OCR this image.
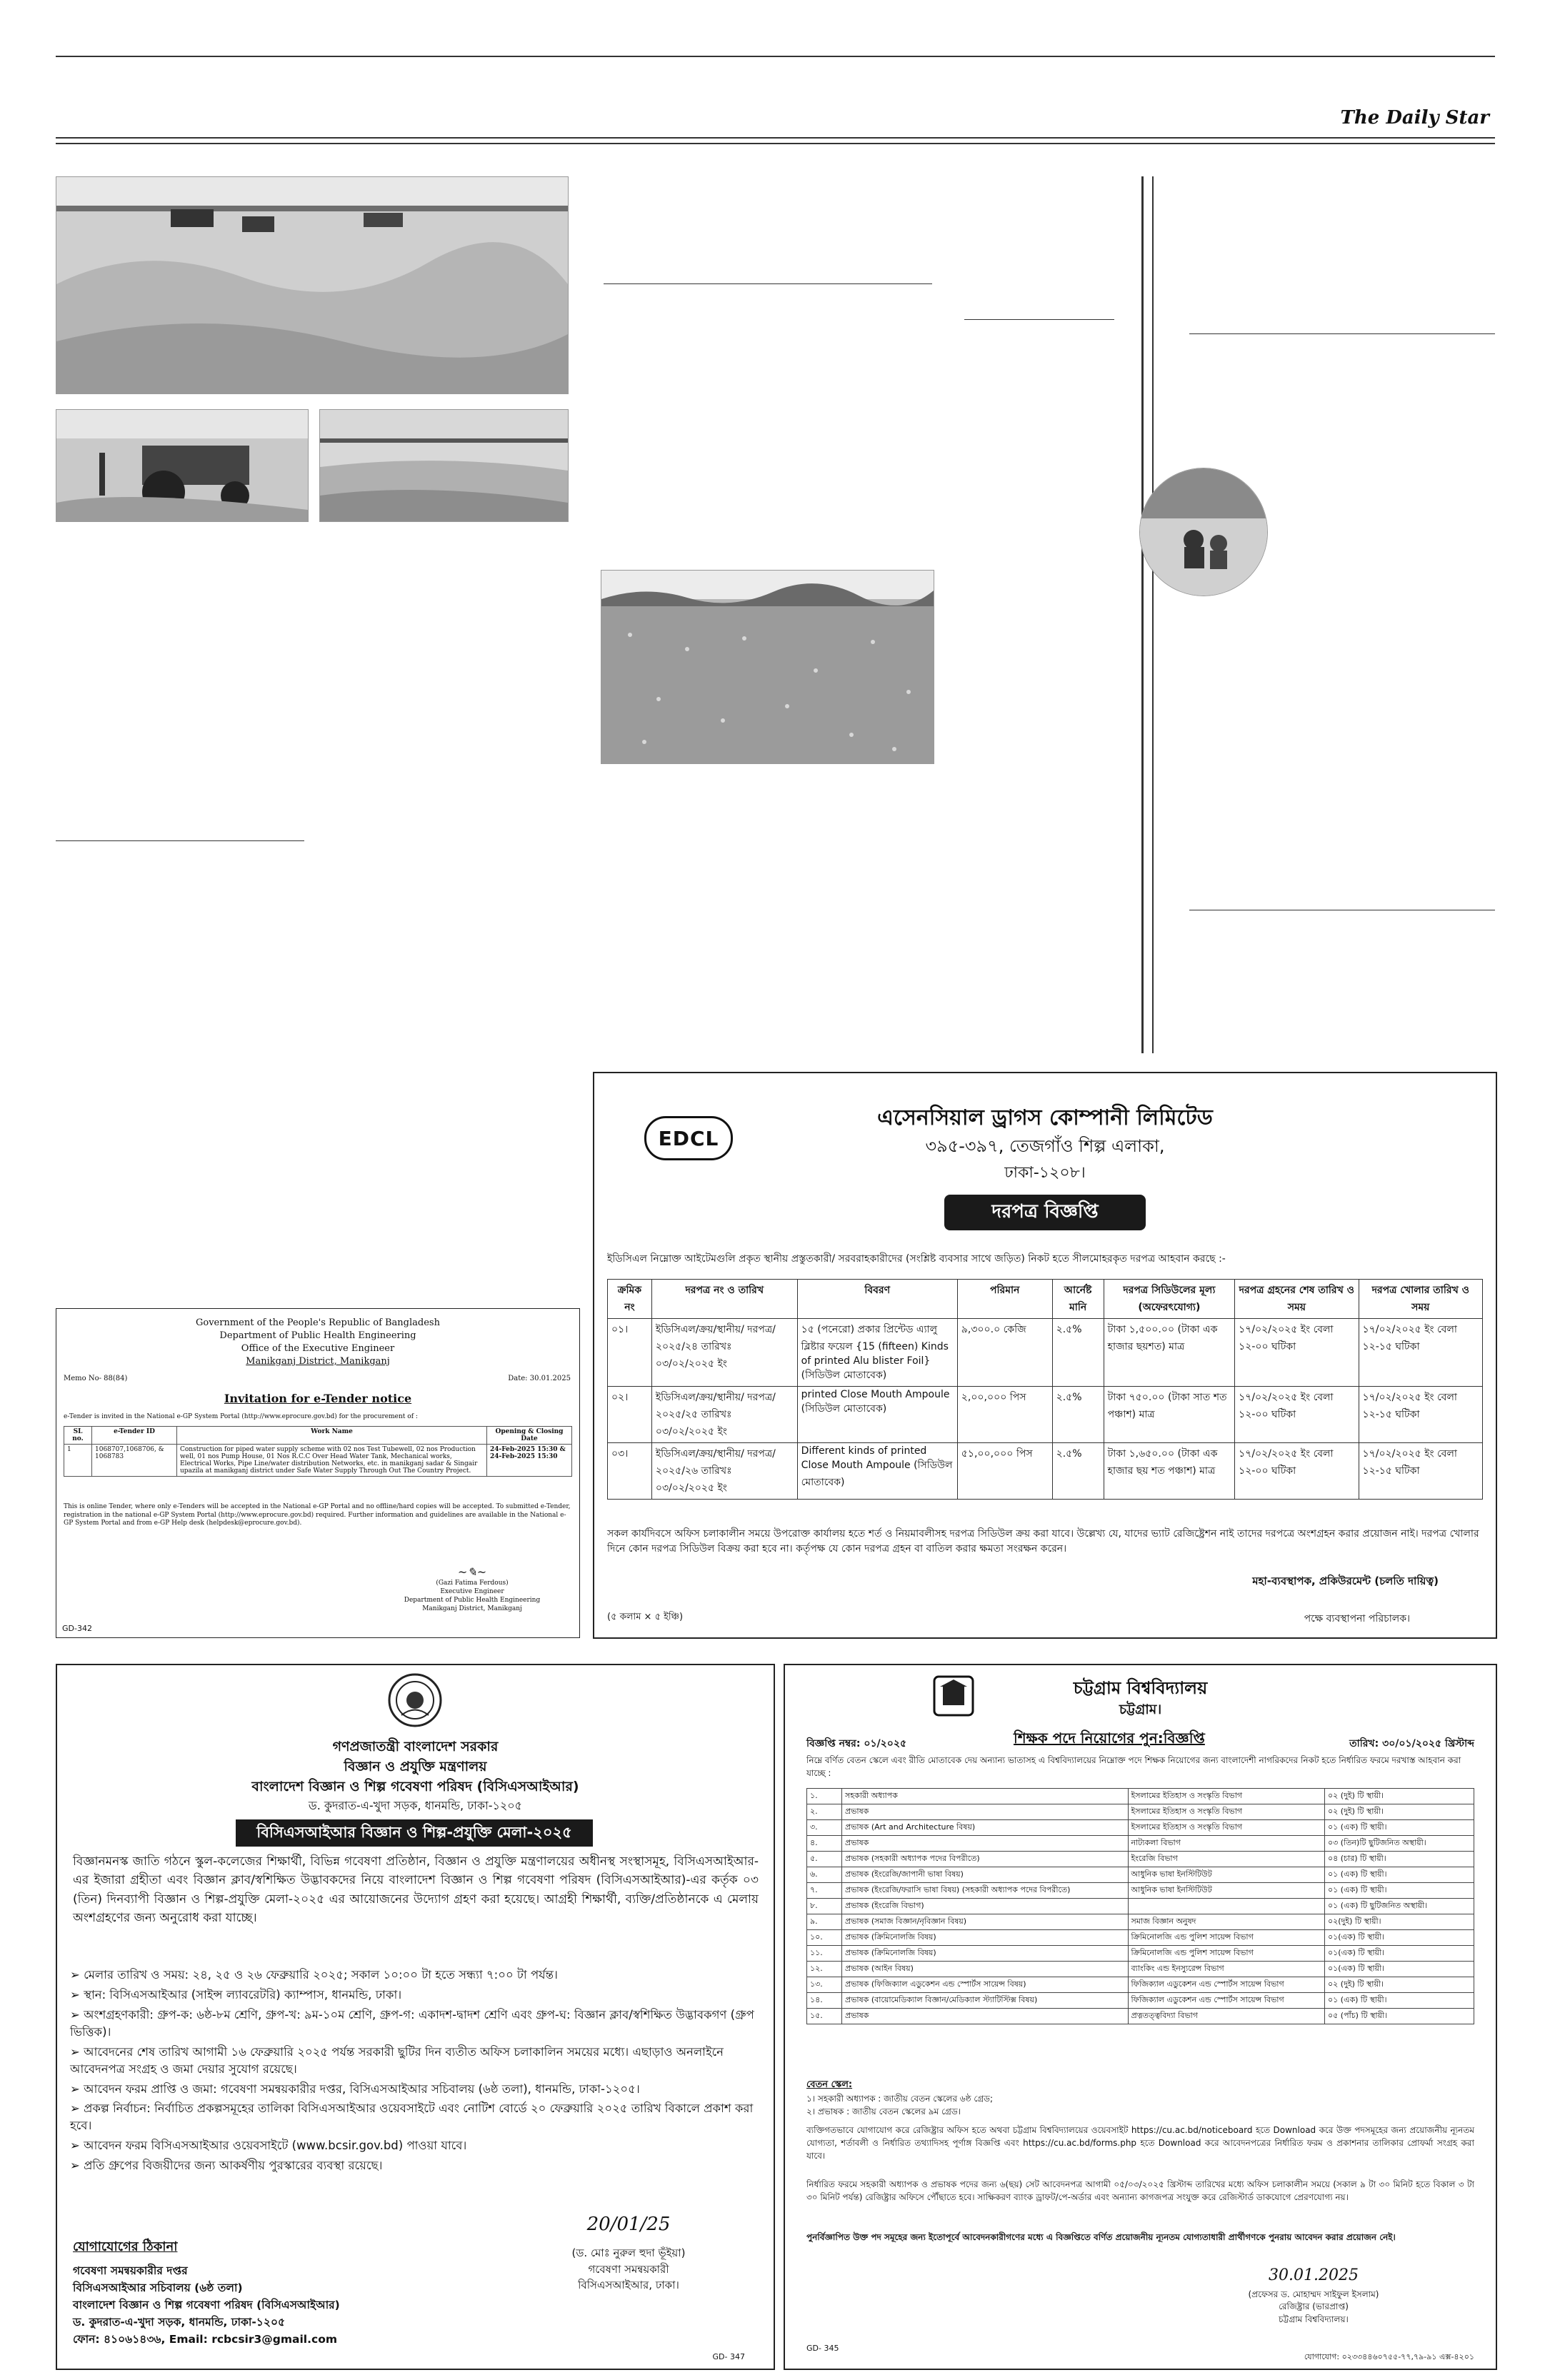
The Daily Star
EDCL
এসেনসিয়াল ড্রাগস কোম্পানী লিমিটেড
৩৯৫-৩৯৭, তেজগাঁও শিল্প এলাকা,
ঢাকা-১২০৮।
দরপত্র বিজ্ঞপ্তি
ইডিসিএল নিম্নোক্ত আইটেমগুলি প্রকৃত স্থানীয় প্রস্তুতকারী/ সরবরাহকারীদের (সংশ্লিষ্ট ব্যবসার সাথে জড়িত) নিকট হতে সীলমোহরকৃত দরপত্র আহবান করছে :-
ক্রমিক নং	দরপত্র নং ও তারিখ	বিবরণ	পরিমান	আর্নেষ্ট মানি	দরপত্র সিডিউলের মূল্য (অফেরৎযোগ্য)	দরপত্র গ্রহনের শেষ তারিখ ও সময়	দরপত্র খোলার তারিখ ও সময়
০১।	ইডিসিএল/ক্রয়/স্থানীয়/ দরপত্র/২০২৫/২৪ তারিখঃ ০৩/০২/২০২৫ ইং	১৫ (পনেরো) প্রকার প্রিন্টেড এ্যালু ব্লিষ্টার ফয়েল {15 (fifteen) Kinds of printed Alu blister Foil} (সিডিউল মোতাবেক)	৯,৩০০.০ কেজি	২.৫%	টাকা ১,৫০০.০০ (টাকা এক হাজার ছয়শত) মাত্র	১৭/০২/২০২৫ ইং বেলা ১২-০০ ঘটিকা	১৭/০২/২০২৫ ইং বেলা ১২-১৫ ঘটিকা
০২।	ইডিসিএল/ক্রয়/স্থানীয়/ দরপত্র/২০২৫/২৫ তারিখঃ ০৩/০২/২০২৫ ইং	printed Close Mouth Ampoule (সিডিউল মোতাবেক)	২,০০,০০০ পিস	২.৫%	টাকা ৭৫০.০০ (টাকা সাত শত পঞ্চাশ) মাত্র	১৭/০২/২০২৫ ইং বেলা ১২-০০ ঘটিকা	১৭/০২/২০২৫ ইং বেলা ১২-১৫ ঘটিকা
০৩।	ইডিসিএল/ক্রয়/স্থানীয়/ দরপত্র/২০২৫/২৬ তারিখঃ ০৩/০২/২০২৫ ইং	Different kinds of printed Close Mouth Ampoule (সিডিউল মোতাবেক)	৫১,০০,০০০ পিস	২.৫%	টাকা ১,৬৫০.০০ (টাকা এক হাজার ছয় শত পঞ্চাশ) মাত্র	১৭/০২/২০২৫ ইং বেলা ১২-০০ ঘটিকা	১৭/০২/২০২৫ ইং বেলা ১২-১৫ ঘটিকা
সকল কার্যদিবসে অফিস চলাকালীন সময়ে উপরোক্ত কার্যালয় হতে শর্ত ও নিয়মাবলীসহ দরপত্র সিডিউল ক্রয় করা যাবে। উল্লেখ্য যে, যাদের ভ্যাট রেজিষ্ট্রেশন নাই তাদের দরপত্রে অংশগ্রহন করার প্রয়োজন নাই। দরপত্র খোলার দিনে কোন দরপত্র সিডিউল বিক্রয় করা হবে না। কর্তৃপক্ষ যে কোন দরপত্র গ্রহন বা বাতিল করার ক্ষমতা সংরক্ষন করেন।
মহা-ব্যবস্থাপক, প্রকিউরমেন্ট (চলতি দায়িত্ব)
(৫ কলাম × ৫ ইঞ্চি)	পক্ষে ব্যবস্থাপনা পরিচালক।
Government of the People's Republic of Bangladesh
Department of Public Health Engineering
Office of the Executive Engineer
Manikganj District, Manikganj
Memo No- 88(84)	Date: 30.01.2025
Invitation for e-Tender notice
e-Tender is invited in the National e-GP System Portal (http://www.eprocure.gov.bd) for the procurement of :
SL no.	e-Tender ID	Work Name	Opening & Closing Date
1	1068707,1068706, & 1068783	Construction for piped water supply scheme with 02 nos Test Tubewell, 02 nos Production well, 01 nos Pump House, 01 Nos R.C.C Over Head Water Tank, Mechanical works, Electrical Works, Pipe Line/water distribution Networks, etc. in manikganj sadar & Singair upazila at manikganj district under Safe Water Supply Through Out The Country Project.	24-Feb-2025 15:30 & 24-Feb-2025 15:30
This is online Tender, where only e-Tenders will be accepted in the National e-GP Portal and no offline/hard copies will be accepted. To submitted e-Tender, registration in the national e-GP System Portal (http://www.eprocure.gov.bd) required. Further information and guidelines are available in the National e-GP System Portal and from e-GP Help desk (helpdesk@eprocure.gov.bd).
~✎~
(Gazi Fatima Ferdous)
Executive Engineer
Department of Public Health Engineering
Manikganj District, Manikganj
GD-342
গণপ্রজাতন্ত্রী বাংলাদেশ সরকার
বিজ্ঞান ও প্রযুক্তি মন্ত্রণালয়
বাংলাদেশ বিজ্ঞান ও শিল্প গবেষণা পরিষদ (বিসিএসআইআর)
ড. কুদরাত-এ-খুদা সড়ক, ধানমন্ডি, ঢাকা-১২০৫
বিসিএসআইআর বিজ্ঞান ও শিল্প-প্রযুক্তি মেলা-২০২৫
বিজ্ঞানমনস্ক জাতি গঠনে স্কুল-কলেজের শিক্ষার্থী, বিভিন্ন গবেষণা প্রতিষ্ঠান, বিজ্ঞান ও প্রযুক্তি মন্ত্রণালয়ের অধীনস্থ সংস্থাসমূহ, বিসিএসআইআর-এর ইজারা গ্রহীতা এবং বিজ্ঞান ক্লাব/স্বশিক্ষিত উদ্ভাবকদের নিয়ে বাংলাদেশ বিজ্ঞান ও শিল্প গবেষণা পরিষদ (বিসিএসআইআর)-এর কর্তৃক ০৩ (তিন) দিনব্যাপী বিজ্ঞান ও শিল্প-প্রযুক্তি মেলা-২০২৫ এর আয়োজনের উদ্যোগ গ্রহণ করা হয়েছে। আগ্রহী শিক্ষার্থী, ব্যক্তি/প্রতিষ্ঠানকে এ মেলায় অংশগ্রহণের জন্য অনুরোধ করা যাচ্ছে।
➢ মেলার তারিখ ও সময়: ২৪, ২৫ ও ২৬ ফেব্রুয়ারি ২০২৫; সকাল ১০:০০ টা হতে সন্ধ্যা ৭:০০ টা পর্যন্ত।
➢ স্থান: বিসিএসআইআর (সাইন্স ল্যাবরেটরি) ক্যাম্পাস, ধানমন্ডি, ঢাকা।
➢ অংশগ্রহণকারী: গ্রুপ-ক: ৬ষ্ঠ-৮ম শ্রেণি, গ্রুপ-খ: ৯ম-১০ম শ্রেণি, গ্রুপ-গ: একাদশ-দ্বাদশ শ্রেণি এবং গ্রুপ-ঘ: বিজ্ঞান ক্লাব/স্বশিক্ষিত উদ্ভাবকগণ (গ্রুপ ভিত্তিক)।
➢ আবেদনের শেষ তারিখ আগামী ১৬ ফেব্রুয়ারি ২০২৫ পর্যন্ত সরকারী ছুটির দিন ব্যতীত অফিস চলাকালিন সময়ের মধ্যে। এছাড়াও অনলাইনে আবেদনপত্র সংগ্রহ ও জমা দেয়ার সুযোগ রয়েছে।
➢ আবেদন ফরম প্রাপ্তি ও জমা: গবেষণা সমন্বয়কারীর দপ্তর, বিসিএসআইআর সচিবালয় (৬ষ্ঠ তলা), ধানমন্ডি, ঢাকা-১২০৫।
➢ প্রকল্প নির্বাচন: নির্বাচিত প্রকল্পসমূহের তালিকা বিসিএসআইআর ওয়েবসাইটে এবং নোটিশ বোর্ডে ২০ ফেব্রুয়ারি ২০২৫ তারিখ বিকালে প্রকাশ করা হবে।
➢ আবেদন ফরম বিসিএসআইআর ওয়েবসাইটে (www.bcsir.gov.bd) পাওয়া যাবে।
➢ প্রতি গ্রুপের বিজয়ীদের জন্য আকর্ষণীয় পুরস্কারের ব্যবস্থা রয়েছে।
যোগাযোগের ঠিকানা
গবেষণা সমন্বয়কারীর দপ্তর
বিসিএসআইআর সচিবালয় (৬ষ্ঠ তলা)
বাংলাদেশ বিজ্ঞান ও শিল্প গবেষণা পরিষদ (বিসিএসআইআর)
ড. কুদরাত-এ-খুদা সড়ক, ধানমন্ডি, ঢাকা-১২০৫
ফোন: ৪১০৬১৪৩৬, Email: rcbcsir3@gmail.com
20/01/25
(ড. মোঃ নুরুল হুদা ভূঁইয়া)
গবেষণা সমন্বয়কারী
বিসিএসআইআর, ঢাকা।
GD- 347
চট্টগ্রাম বিশ্ববিদ্যালয়
চট্টগ্রাম।
বিজ্ঞপ্তি নম্বর: ০১/২০২৫	শিক্ষক পদে নিয়োগের পুন:বিজ্ঞপ্তি	তারিখ: ৩০/০১/২০২৫ খ্রিস্টাব্দ
নিম্নে বর্ণিত বেতন স্কেলে এবং রীতি মোতাবেক দেয় অন্যান্য ভাতাসহ এ বিশ্ববিদ্যালয়ের নিম্নোক্ত পদে শিক্ষক নিয়োগের জন্য বাংলাদেশী নাগরিকদের নিকট হতে নির্ধারিত ফরমে দরখাস্ত আহবান করা যাচ্ছে :
১.	সহকারী অধ্যাপক	ইসলামের ইতিহাস ও সংস্কৃতি বিভাগ	০২ (দুই) টি স্থায়ী।
২.	প্রভাষক	ইসলামের ইতিহাস ও সংস্কৃতি বিভাগ	০২ (দুই) টি স্থায়ী।
৩.	প্রভাষক (Art and Architecture বিষয়)	ইসলামের ইতিহাস ও সংস্কৃতি বিভাগ	০১ (এক) টি স্থায়ী।
৪.	প্রভাষক	নাট্যকলা বিভাগ	০৩ (তিন)টি ছুটিজনিত অস্থায়ী।
৫.	প্রভাষক (সহকারী অধ্যাপক পদের বিপরীতে)	ইংরেজি বিভাগ	০৪ (চার) টি স্থায়ী।
৬.	প্রভাষক (ইংরেজি/জাপানী ভাষা বিষয়)	আধুনিক ভাষা ইনস্টিটিউট	০১ (এক) টি স্থায়ী।
৭.	প্রভাষক (ইংরেজি/ফরাসি ভাষা বিষয়) (সহকারী অধ্যাপক পদের বিপরীতে)	আধুনিক ভাষা ইনস্টিটিউট	০১ (এক) টি স্থায়ী।
৮.	প্রভাষক (ইংরেজি বিভাগ)		০১ (এক) টি ছুটিজনিত অস্থায়ী।
৯.	প্রভাষক (সমাজ বিজ্ঞান/নৃবিজ্ঞান বিষয়)	সমাজ বিজ্ঞান অনুষদ	০২(দুই) টি স্থায়ী।
১০.	প্রভাষক (ক্রিমিনোলজি বিষয়)	ক্রিমিনোলজি এন্ড পুলিশ সায়েন্স বিভাগ	০১(এক) টি স্থায়ী।
১১.	প্রভাষক (ক্রিমিনোলজি বিষয়)	ক্রিমিনোলজি এন্ড পুলিশ সায়েন্স বিভাগ	০১(এক) টি স্থায়ী।
১২.	প্রভাষক (আইন বিষয়)	ব্যাংকিং এন্ড ইনস্যুরেন্স বিভাগ	০১(এক) টি স্থায়ী।
১৩.	প্রভাষক (ফিজিক্যাল এডুকেশন এন্ড স্পোর্টস সায়েন্স বিষয়)	ফিজিক্যাল এডুকেশন এন্ড স্পোর্টস সায়েন্স বিভাগ	০২ (দুই) টি স্থায়ী।
১৪.	প্রভাষক (বায়োমেডিক্যাল বিজ্ঞান/মেডিক্যাল স্ট্যাটিস্টিক্স বিষয়)	ফিজিক্যাল এডুকেশন এন্ড স্পোর্টস সায়েন্স বিভাগ	০১ (এক) টি স্থায়ী।
১৫.	প্রভাষক	প্রত্নতত্ত্ববিদ্যা বিভাগ	০৫ (পাঁচ) টি স্থায়ী।
বেতন স্কেল:
১। সহকারী অধ্যাপক : জাতীয় বেতন স্কেলের ৬ষ্ঠ গ্রেড;
২। প্রভাষক : জাতীয় বেতন স্কেলের ৯ম গ্রেড।
ব্যক্তিগতভাবে যোগাযোগ করে রেজিষ্ট্রার অফিস হতে অথবা চট্টগ্রাম বিশ্ববিদ্যালয়ের ওয়েবসাইট https://cu.ac.bd/noticeboard হতে Download করে উক্ত পদসমূহের জন্য প্রয়োজনীয় ন্যূনতম যোগ্যতা, শর্তাবলী ও নির্ধারিত তথ্যাদিসহ পূর্ণাঙ্গ বিজ্ঞপ্তি এবং https://cu.ac.bd/forms.php হতে Download করে আবেদনপত্রের নির্ধারিত ফরম ও প্রকাশনার তালিকার প্রোফর্মা সংগ্রহ করা যাবে।
নির্ধারিত ফরমে সহকারী অধ্যাপক ও প্রভাষক পদের জন্য ৬(ছয়) সেট আবেদনপত্র আগামী ০৫/০৩/২০২৫ খ্রিস্টাব্দ তারিখের মধ্যে অফিস চলাকালীন সময়ে (সকাল ৯ টা ৩০ মিনিট হতে বিকাল ৩ টা ৩০ মিনিট পর্যন্ত) রেজিষ্ট্রার অফিসে পৌঁছাতে হবে। সাক্ষিকরণ ব্যাংক ড্রাফট/পে-অর্ডার এবং অন্যান্য কাগজপত্র সংযুক্ত করে রেজিস্টার্ড ডাকযোগে প্রেরণযোগ্য নয়।
পুনর্বিজ্ঞাপিত উক্ত পদ সমূহের জন্য ইতোপূর্বে আবেদনকারীগণের মধ্যে এ বিজ্ঞপ্তিতে বর্ণিত প্রয়োজনীয় ন্যূনতম যোগ্যতাধারী প্রার্থীগণকে পুনরায় আবেদন করার প্রয়োজন নেই।
30.01.2025
(প্রফেসর ড. মোহাম্মদ সাইফুল ইসলাম)
রেজিষ্ট্রার (ভারপ্রাপ্ত)
চট্টগ্রাম বিশ্ববিদ্যালয়।
GD- 345
যোগাযোগ: ০২৩৩৪৪৬০৭৫৫-৭৭,৭৯-৯১ এক্স-৪২০১
